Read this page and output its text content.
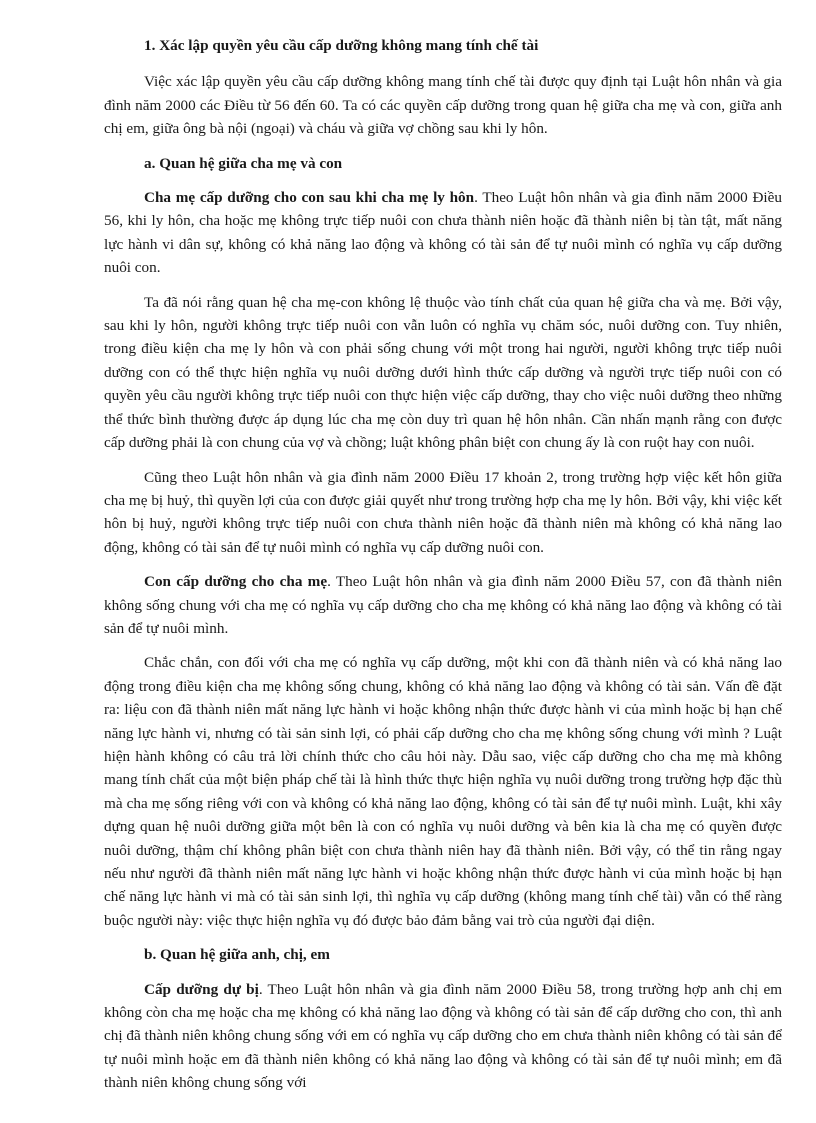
1. Xác lập quyền yêu cầu cấp dưỡng không mang tính chế tài

Việc xác lập quyền yêu cầu cấp dưỡng không mang tính chế tài được quy định tại Luật hôn nhân và gia đình năm 2000 các Điều từ 56 đến 60. Ta có các quyền cấp dưỡng trong quan hệ giữa cha mẹ và con, giữa anh chị em, giữa ông bà nội (ngoại) và cháu và giữa vợ chồng sau khi ly hôn.

a. Quan hệ giữa cha mẹ và con

Cha mẹ cấp dưỡng cho con sau khi cha mẹ ly hôn. Theo Luật hôn nhân và gia đình năm 2000 Điều 56, khi ly hôn, cha hoặc mẹ không trực tiếp nuôi con chưa thành niên hoặc đã thành niên bị tàn tật, mất năng lực hành vi dân sự, không có khả năng lao động và không có tài sản để tự nuôi mình có nghĩa vụ cấp dưỡng nuôi con.

Ta đã nói rằng quan hệ cha mẹ-con không lệ thuộc vào tính chất của quan hệ giữa cha và mẹ. Bởi vậy, sau khi ly hôn, người không trực tiếp nuôi con vẫn luôn có nghĩa vụ chăm sóc, nuôi dưỡng con. Tuy nhiên, trong điều kiện cha mẹ ly hôn và con phải sống chung với một trong hai người, người không trực tiếp nuôi dưỡng con có thể thực hiện nghĩa vụ nuôi dưỡng dưới hình thức cấp dưỡng và người trực tiếp nuôi con có quyền yêu cầu người không trực tiếp nuôi con thực hiện việc cấp dưỡng, thay cho việc nuôi dưỡng theo những thể thức bình thường được áp dụng lúc cha mẹ còn duy trì quan hệ hôn nhân. Cần nhấn mạnh rằng con được cấp dưỡng phải là con chung của vợ và chồng; luật không phân biệt con chung ấy là con ruột hay con nuôi.

Cũng theo Luật hôn nhân và gia đình năm 2000 Điều 17 khoản 2, trong trường hợp việc kết hôn giữa cha mẹ bị huỷ, thì quyền lợi của con được giải quyết như trong trường hợp cha mẹ ly hôn. Bởi vậy, khi việc kết hôn bị huỷ, người không trực tiếp nuôi con chưa thành niên hoặc đã thành niên mà không có khả năng lao động, không có tài sản để tự nuôi mình có nghĩa vụ cấp dưỡng nuôi con.

Con cấp dưỡng cho cha mẹ. Theo Luật hôn nhân và gia đình năm 2000 Điều 57, con đã thành niên không sống chung với cha mẹ có nghĩa vụ cấp dưỡng cho cha mẹ không có khả năng lao động và không có tài sản để tự nuôi mình.

Chắc chắn, con đối với cha mẹ có nghĩa vụ cấp dưỡng, một khi con đã thành niên và có khả năng lao động trong điều kiện cha mẹ không sống chung, không có khả năng lao động và không có tài sản. Vấn đề đặt ra: liệu con đã thành niên mất năng lực hành vi hoặc không nhận thức được hành vi của mình hoặc bị hạn chế năng lực hành vi, nhưng có tài sản sinh lợi, có phải cấp dưỡng cho cha mẹ không sống chung với mình ? Luật hiện hành không có câu trả lời chính thức cho câu hỏi này. Dẫu sao, việc cấp dưỡng cho cha mẹ mà không mang tính chất của một biện pháp chế tài là hình thức thực hiện nghĩa vụ nuôi dưỡng trong trường hợp đặc thù mà cha mẹ sống riêng với con và không có khả năng lao động, không có tài sản để tự nuôi mình. Luật, khi xây dựng quan hệ nuôi dưỡng giữa một bên là con có nghĩa vụ nuôi dưỡng và bên kia là cha mẹ có quyền được nuôi dưỡng, thậm chí không phân biệt con chưa thành niên hay đã thành niên. Bởi vậy, có thể tin rằng ngay nếu như người đã thành niên mất năng lực hành vi hoặc không nhận thức được hành vi của mình hoặc bị hạn chế năng lực hành vi mà có tài sản sinh lợi, thì nghĩa vụ cấp dưỡng (không mang tính chế tài) vẫn có thể ràng buộc người này: việc thực hiện nghĩa vụ đó được bảo đảm bằng vai trò của người đại diện.

b. Quan hệ giữa anh, chị, em

Cấp dưỡng dự bị. Theo Luật hôn nhân và gia đình năm 2000 Điều 58, trong trường hợp anh chị em không còn cha mẹ hoặc cha mẹ không có khả năng lao động và không có tài sản để cấp dưỡng cho con, thì anh chị đã thành niên không chung sống với em có nghĩa vụ cấp dưỡng cho em chưa thành niên không có tài sản để tự nuôi mình hoặc em đã thành niên không có khả năng lao động và không có tài sản để tự nuôi mình; em đã thành niên không chung sống với
